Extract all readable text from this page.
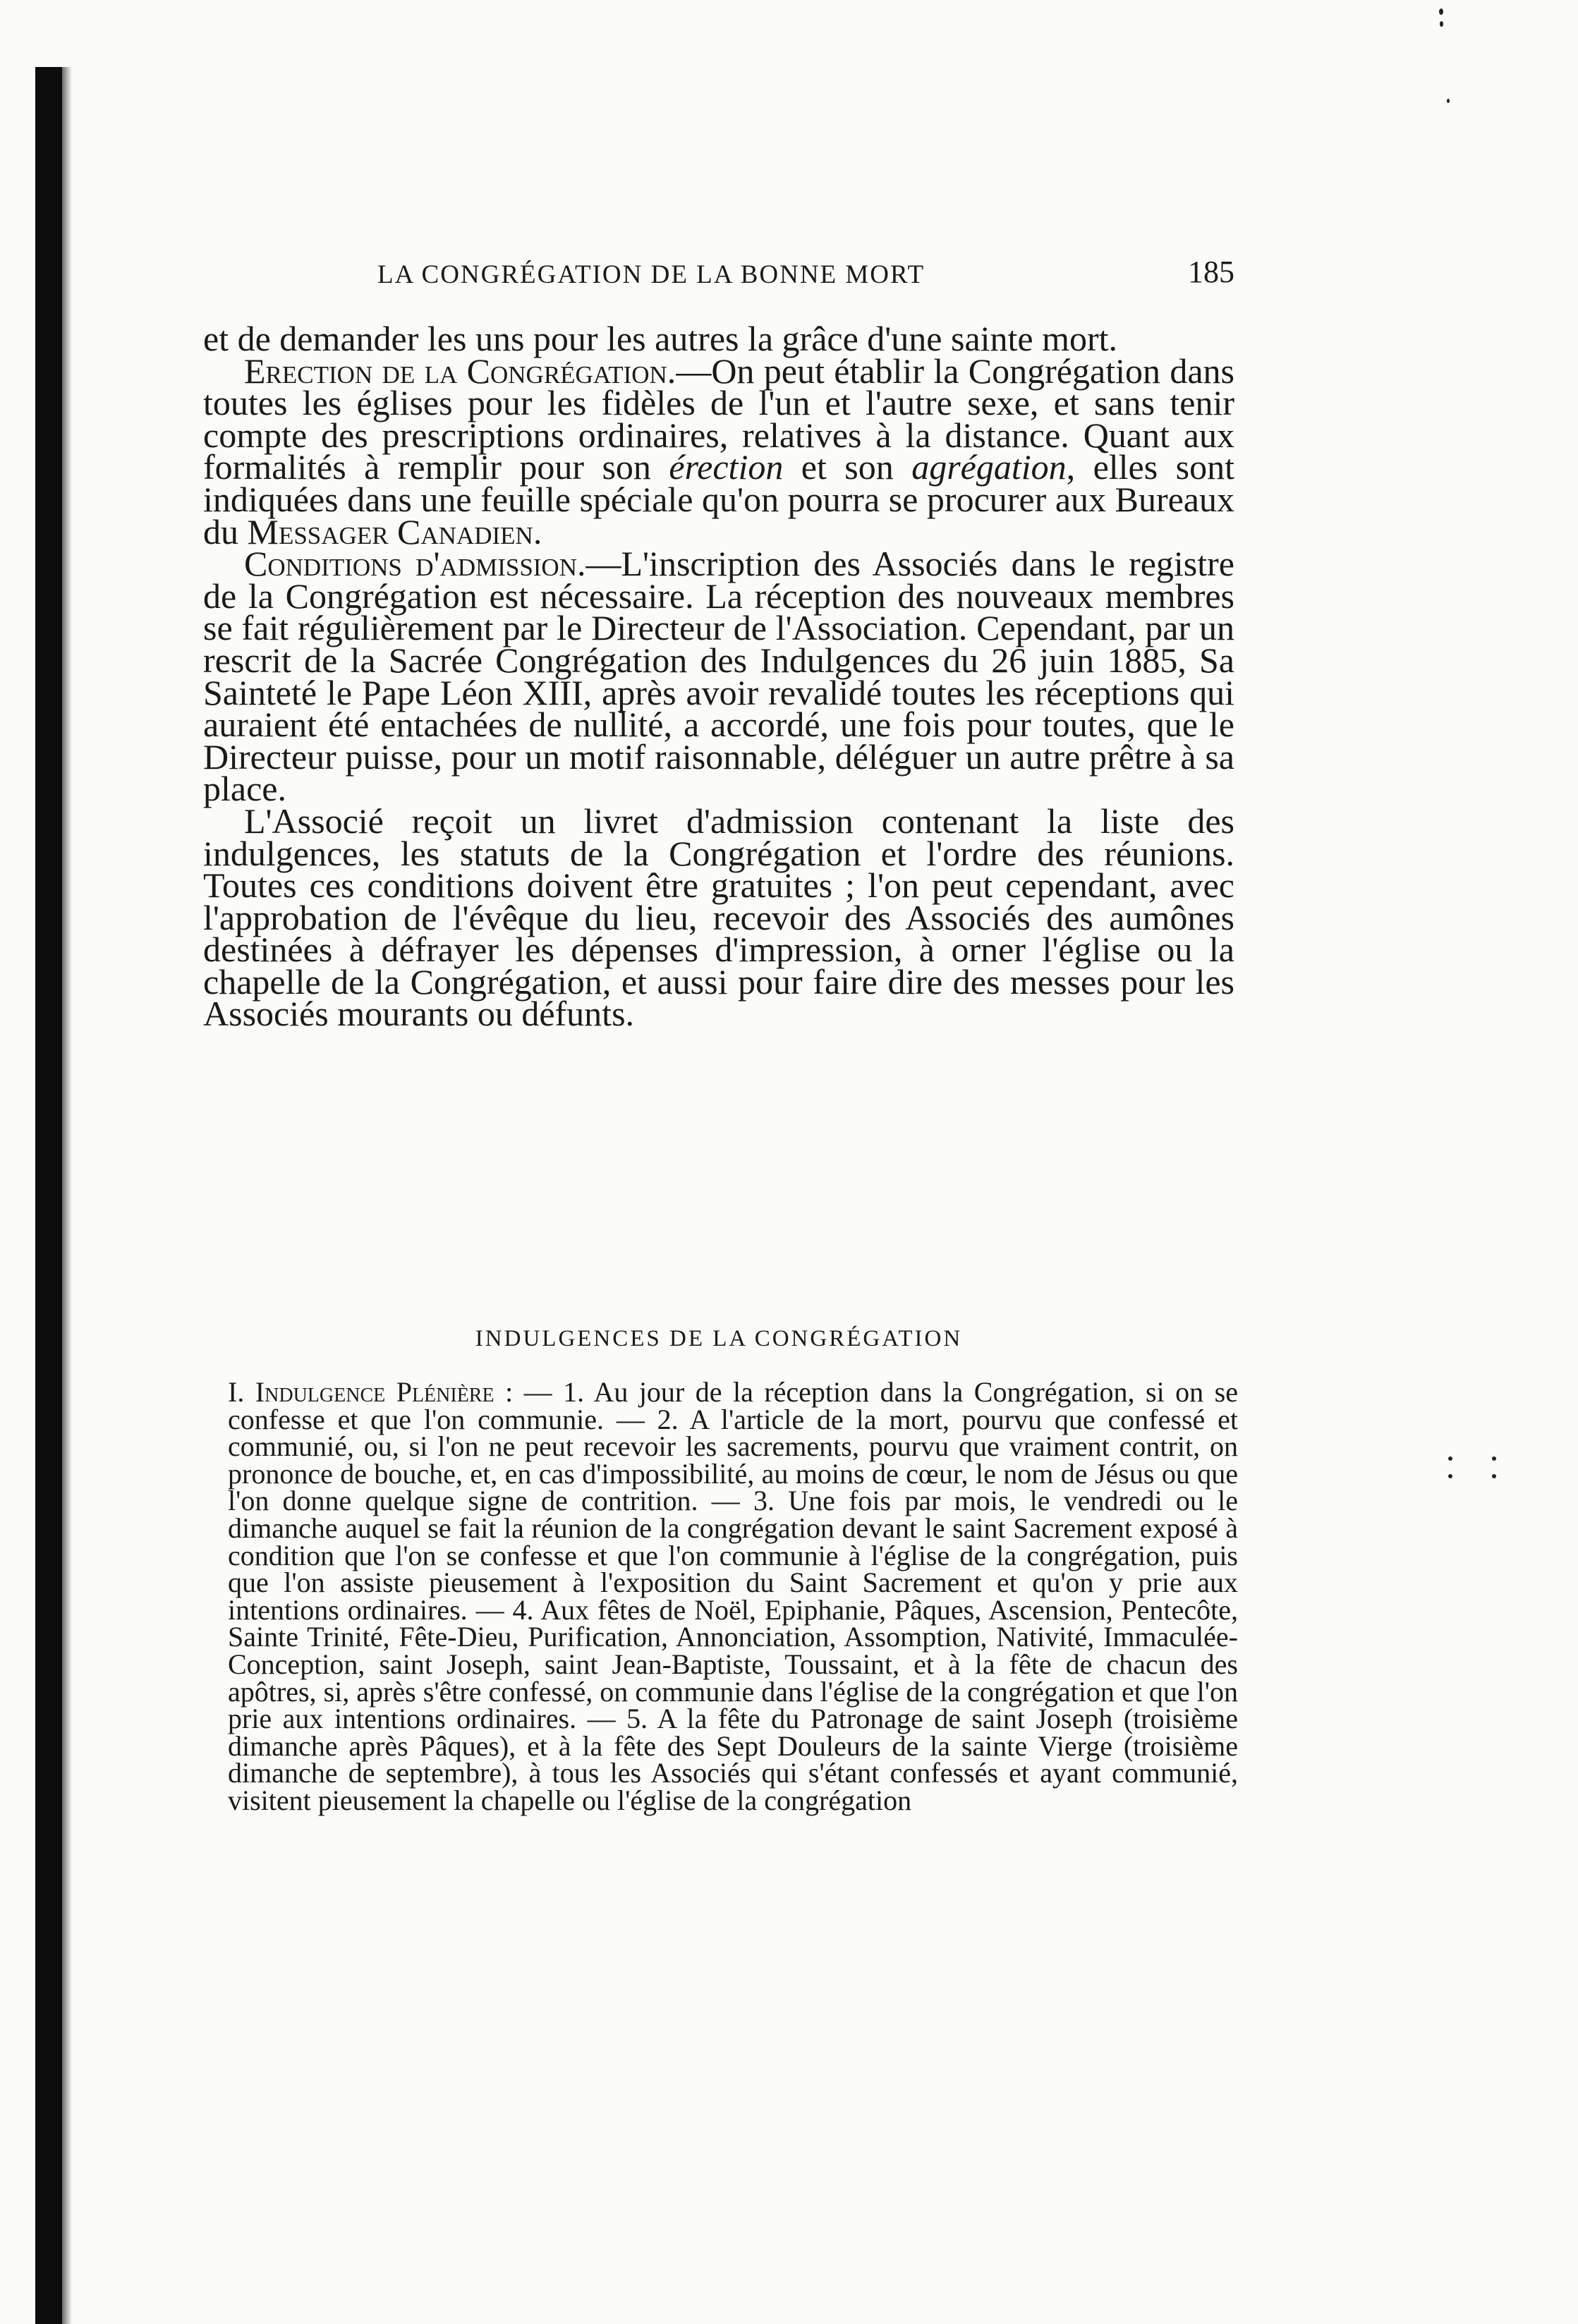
LA CONGRÉGATION DE LA BONNE MORT	185

et de demander les uns pour les autres la grâce d'une sainte mort.

Erection de la Congrégation.—On peut établir la Congrégation dans toutes les églises pour les fidèles de l'un et l'autre sexe, et sans tenir compte des prescriptions ordinaires, relatives à la distance. Quant aux formalités à remplir pour son érection et son agrégation, elles sont indiquées dans une feuille spéciale qu'on pourra se procurer aux Bureaux du Messager Canadien.

Conditions d'admission.—L'inscription des Associés dans le registre de la Congrégation est nécessaire. La réception des nouveaux membres se fait régulièrement par le Directeur de l'Association. Cependant, par un rescrit de la Sacrée Congrégation des Indulgences du 26 juin 1885, Sa Sainteté le Pape Léon XIII, après avoir revalidé toutes les réceptions qui auraient été entachées de nullité, a accordé, une fois pour toutes, que le Directeur puisse, pour un motif raisonnable, déléguer un autre prêtre à sa place.

L'Associé reçoit un livret d'admission contenant la liste des indulgences, les statuts de la Congrégation et l'ordre des réunions. Toutes ces conditions doivent être gratuites ; l'on peut cependant, avec l'approbation de l'évêque du lieu, recevoir des Associés des aumônes destinées à défrayer les dépenses d'impression, à orner l'église ou la chapelle de la Congrégation, et aussi pour faire dire des messes pour les Associés mourants ou défunts.

INDULGENCES DE LA CONGRÉGATION

I. Indulgence Plénière : — 1. Au jour de la réception dans la Congrégation, si on se confesse et que l'on communie. — 2. A l'article de la mort, pourvu que confessé et communié, ou, si l'on ne peut recevoir les sacrements, pourvu que vraiment contrit, on prononce de bouche, et, en cas d'impossibilité, au moins de cœur, le nom de Jésus ou que l'on donne quelque signe de contrition. — 3. Une fois par mois, le vendredi ou le dimanche auquel se fait la réunion de la congrégation devant le saint Sacrement exposé à condition que l'on se confesse et que l'on communie à l'église de la congrégation, puis que l'on assiste pieusement à l'exposition du Saint Sacrement et qu'on y prie aux intentions ordinaires. — 4. Aux fêtes de Noël, Epiphanie, Pâques, Ascension, Pentecôte, Sainte Trinité, Fête-Dieu, Purification, Annonciation, Assomption, Nativité, Immaculée-Conception, saint Joseph, saint Jean-Baptiste, Toussaint, et à la fête de chacun des apôtres, si, après s'être confessé, on communie dans l'église de la congrégation et que l'on prie aux intentions ordinaires. — 5. A la fête du Patronage de saint Joseph (troisième dimanche après Pâques), et à la fête des Sept Douleurs de la sainte Vierge (troisième dimanche de septembre), à tous les Associés qui s'étant confessés et ayant communié, visitent pieusement la chapelle ou l'église de la congrégation
